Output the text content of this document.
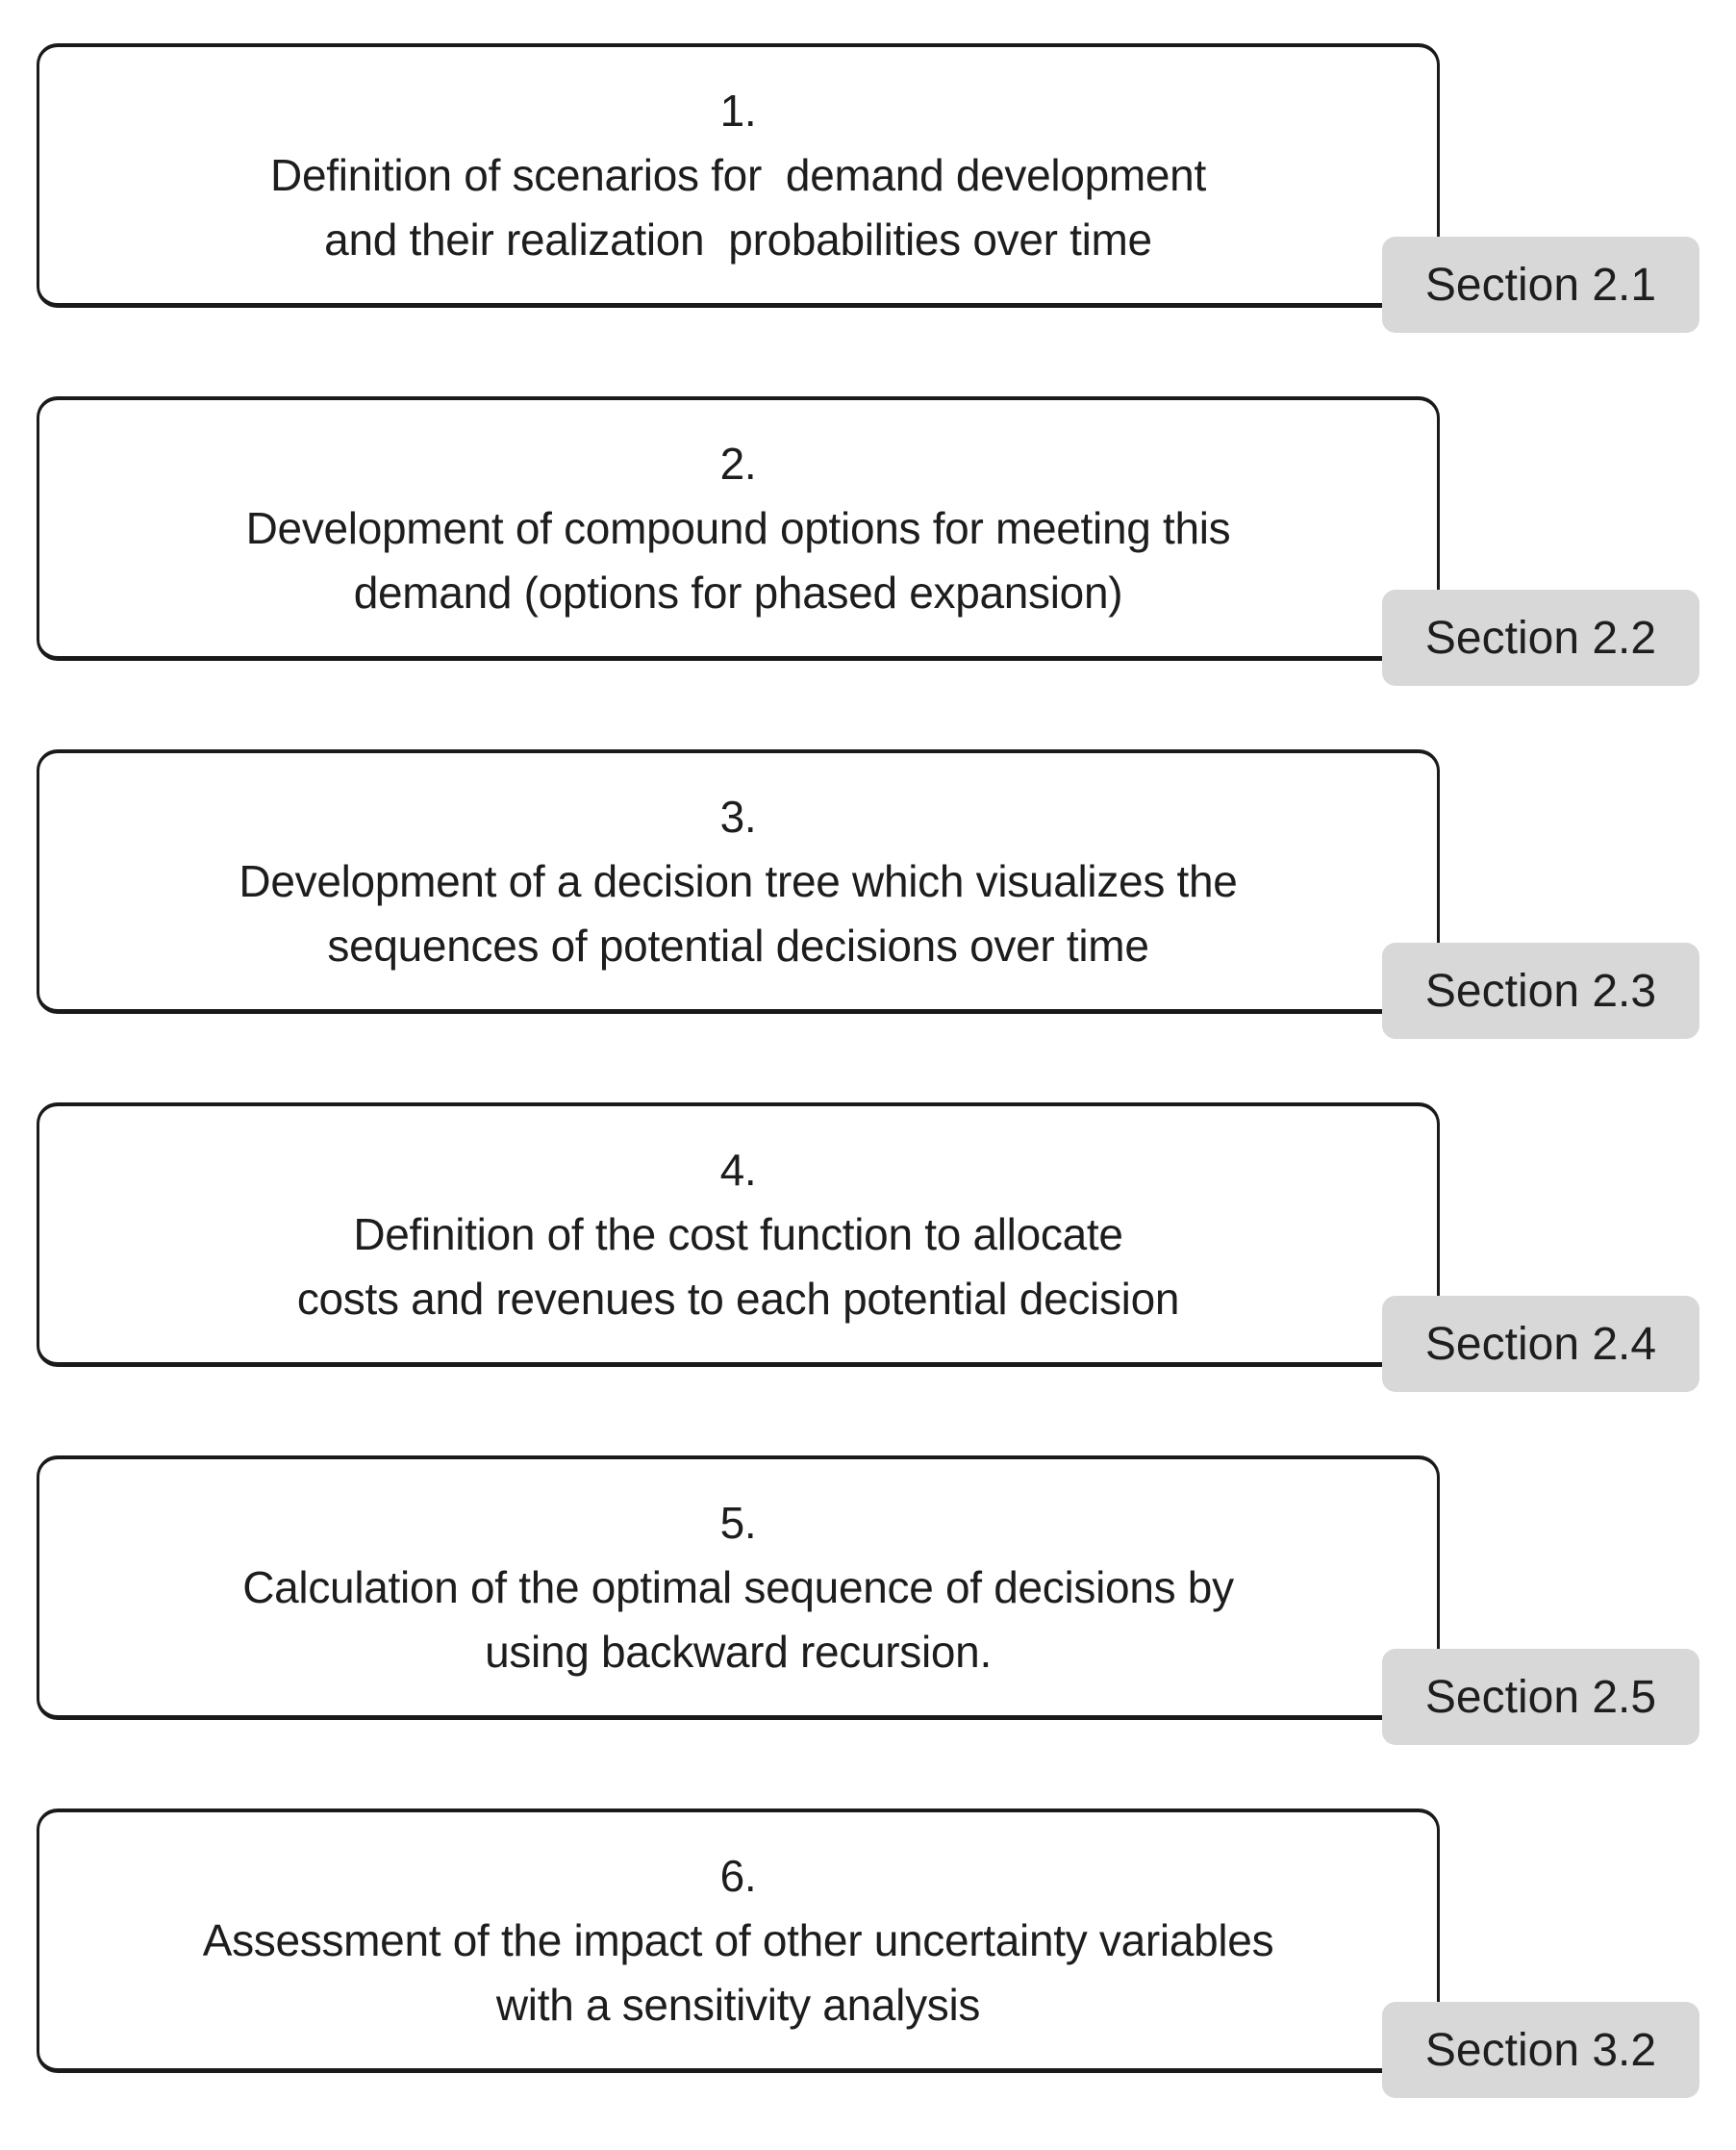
1.
Definition of scenarios for  demand development
and their realization  probabilities over time
Section 2.1
2.
Development of compound options for meeting this
demand (options for phased expansion)
Section 2.2
3.
Development of a decision tree which visualizes the
sequences of potential decisions over time
Section 2.3
4.
Definition of the cost function to allocate
costs and revenues to each potential decision
Section 2.4
5.
Calculation of the optimal sequence of decisions by
using backward recursion.
Section 2.5
6.
Assessment of the impact of other uncertainty variables
with a sensitivity analysis
Section 3.2
